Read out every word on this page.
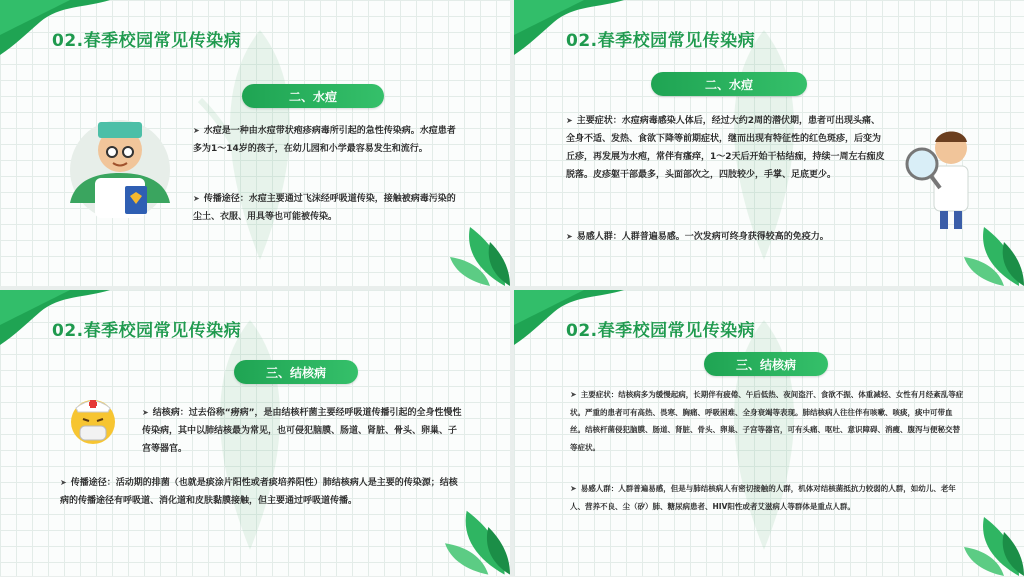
02.春季校园常见传染病
二、水痘
➤ 水痘是一种由水痘带状疱疹病毒所引起的急性传染病。水痘患者多为1～14岁的孩子，在幼儿园和小学最容易发生和流行。
➤ 传播途径：水痘主要通过飞沫经呼吸道传染，接触被病毒污染的尘土、衣服、用具等也可能被传染。
02.春季校园常见传染病
二、水痘
➤ 主要症状：水痘病毒感染人体后，经过大约2周的潜伏期，患者可出现头痛、全身不适、发热、食欲下降等前期症状，继而出现有特征性的红色斑疹，后变为丘疹，再发展为水疱，常伴有瘙痒，1～2天后开始干枯结痂，持续一周左右痂皮脱落。皮疹躯干部最多，头面部次之，四肢较少，手掌、足底更少。
➤ 易感人群：人群普遍易感。一次发病可终身获得较高的免疫力。
02.春季校园常见传染病
三、结核病
➤ 结核病：过去俗称“痨病”，是由结核杆菌主要经呼吸道传播引起的全身性慢性传染病，其中以肺结核最为常见，也可侵犯脑膜、肠道、肾脏、骨头、卵巢、子宫等器官。
➤ 传播途径：活动期的排菌（也就是痰涂片阳性或者痰培养阳性）肺结核病人是主要的传染源；结核病的传播途径有呼吸道、消化道和皮肤黏膜接触，但主要通过呼吸道传播。
02.春季校园常见传染病
三、结核病
➤ 主要症状：结核病多为缓慢起病，长期伴有疲倦、午后低热、夜间盗汗、食欲不振、体重减轻、女性有月经紊乱等症状。严重的患者可有高热、畏寒、胸痛、呼吸困难、全身衰竭等表现。肺结核病人往往伴有咳嗽、咳痰，痰中可带血丝。结核杆菌侵犯脑膜、肠道、肾脏、骨头、卵巢、子宫等器官，可有头痛、呕吐、意识障碍、消瘦、腹泻与便秘交替等症状。
➤ 易感人群：人群普遍易感，但是与肺结核病人有密切接触的人群，机体对结核菌抵抗力较弱的人群，如幼儿、老年人、营养不良、尘（矽）肺、糖尿病患者、HIV阳性或者艾滋病人等群体是重点人群。
